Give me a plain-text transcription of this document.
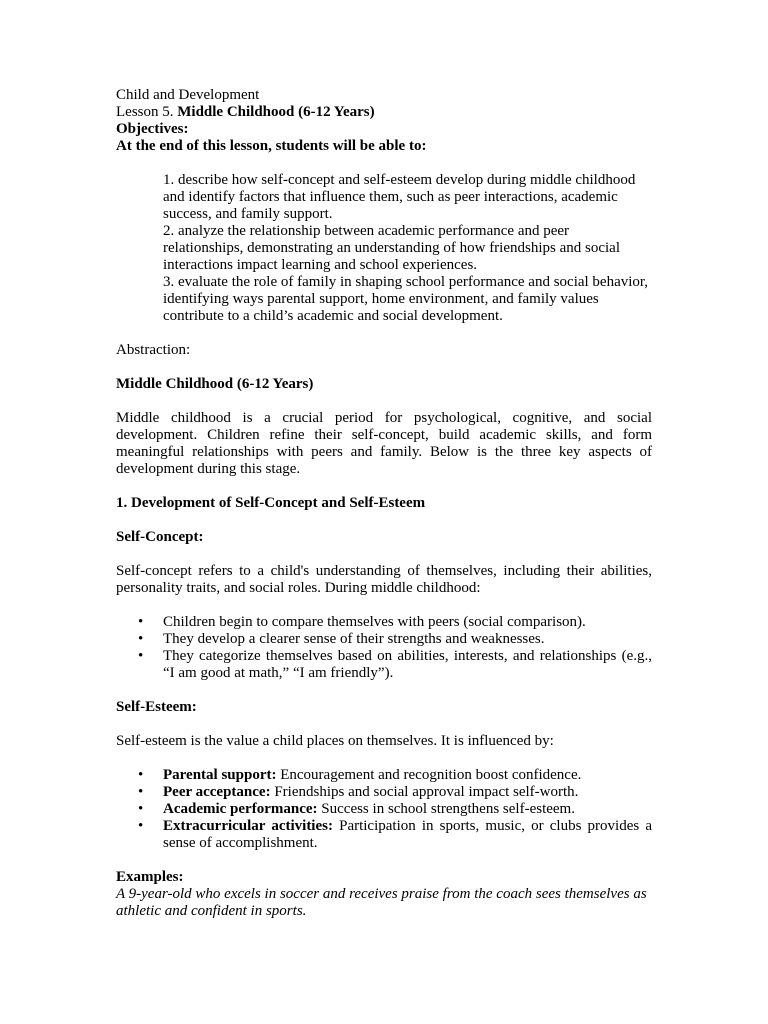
Child and Development
Lesson 5. Middle Childhood (6-12 Years)
Objectives:
At the end of this lesson, students will be able to:

1. describe how self-concept and self-esteem develop during middle childhood and identify factors that influence them, such as peer interactions, academic success, and family support.

2. analyze the relationship between academic performance and peer relationships, demonstrating an understanding of how friendships and social interactions impact learning and school experiences.

3. evaluate the role of family in shaping school performance and social behavior, identifying ways parental support, home environment, and family values contribute to a child’s academic and social development.

Abstraction:

Middle Childhood (6-12 Years)

Middle childhood is a crucial period for psychological, cognitive, and social development. Children refine their self-concept, build academic skills, and form meaningful relationships with peers and family. Below is the three key aspects of development during this stage.

1. Development of Self-Concept and Self-Esteem

Self-Concept:

Self-concept refers to a child's understanding of themselves, including their abilities, personality traits, and social roles. During middle childhood:

• Children begin to compare themselves with peers (social comparison).
• They develop a clearer sense of their strengths and weaknesses.
• They categorize themselves based on abilities, interests, and relationships (e.g., “I am good at math,” “I am friendly”).

Self-Esteem:

Self-esteem is the value a child places on themselves. It is influenced by:

• Parental support: Encouragement and recognition boost confidence.
• Peer acceptance: Friendships and social approval impact self-worth.
• Academic performance: Success in school strengthens self-esteem.
• Extracurricular activities: Participation in sports, music, or clubs provides a sense of accomplishment.

Examples:

A 9-year-old who excels in soccer and receives praise from the coach sees themselves as athletic and confident in sports.
